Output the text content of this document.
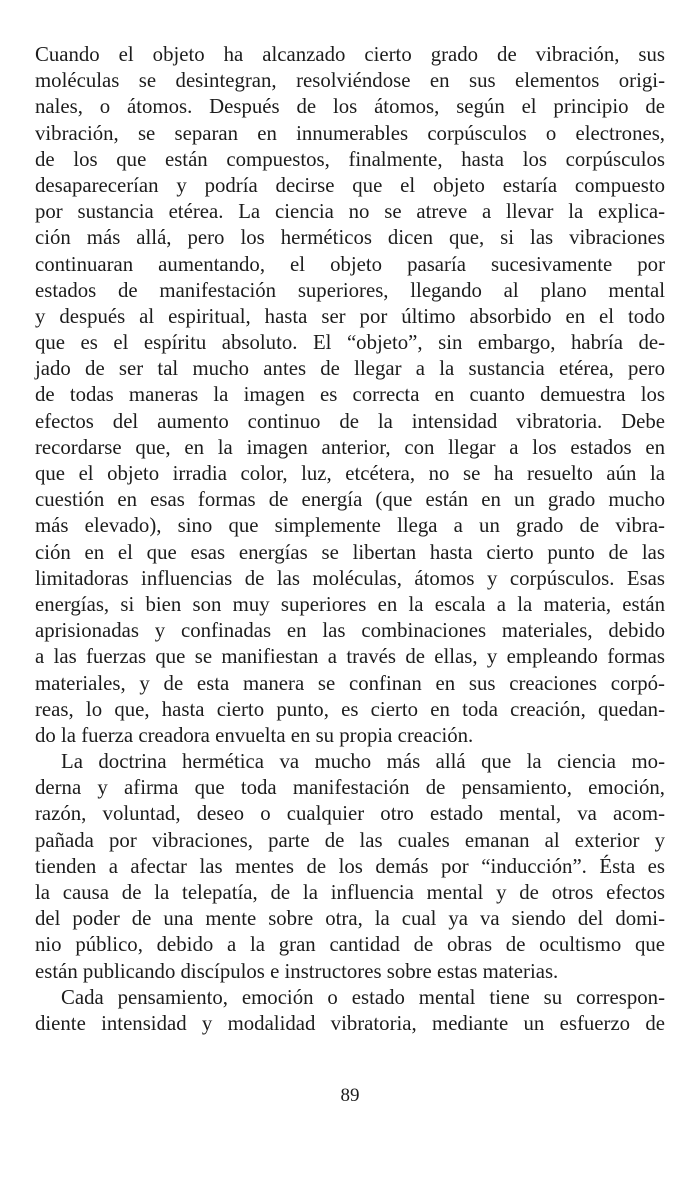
Cuando el objeto ha alcanzado cierto grado de vibración, sus
moléculas se desintegran, resolviéndose en sus elementos origi-
nales, o átomos. Después de los átomos, según el principio de
vibración, se separan en innumerables corpúsculos o electrones,
de los que están compuestos, finalmente, hasta los corpúsculos
desaparecerían y podría decirse que el objeto estaría compuesto
por sustancia etérea. La ciencia no se atreve a llevar la explica-
ción más allá, pero los herméticos dicen que, si las vibraciones
continuaran aumentando, el objeto pasaría sucesivamente por
estados de manifestación superiores, llegando al plano mental
y después al espiritual, hasta ser por último absorbido en el todo
que es el espíritu absoluto. El “objeto”, sin embargo, habría de-
jado de ser tal mucho antes de llegar a la sustancia etérea, pero
de todas maneras la imagen es correcta en cuanto demuestra los
efectos del aumento continuo de la intensidad vibratoria. Debe
recordarse que, en la imagen anterior, con llegar a los estados en
que el objeto irradia color, luz, etcétera, no se ha resuelto aún la
cuestión en esas formas de energía (que están en un grado mucho
más elevado), sino que simplemente llega a un grado de vibra-
ción en el que esas energías se libertan hasta cierto punto de las
limitadoras influencias de las moléculas, átomos y corpúsculos. Esas
energías, si bien son muy superiores en la escala a la materia, están
aprisionadas y confinadas en las combinaciones materiales, debido
a las fuerzas que se manifiestan a través de ellas, y empleando formas
materiales, y de esta manera se confinan en sus creaciones corpó-
reas, lo que, hasta cierto punto, es cierto en toda creación, quedan-
do la fuerza creadora envuelta en su propia creación.
La doctrina hermética va mucho más allá que la ciencia mo-
derna y afirma que toda manifestación de pensamiento, emoción,
razón, voluntad, deseo o cualquier otro estado mental, va acom-
pañada por vibraciones, parte de las cuales emanan al exterior y
tienden a afectar las mentes de los demás por “inducción”. Ésta es
la causa de la telepatía, de la influencia mental y de otros efectos
del poder de una mente sobre otra, la cual ya va siendo del domi-
nio público, debido a la gran cantidad de obras de ocultismo que
están publicando discípulos e instructores sobre estas materias.
Cada pensamiento, emoción o estado mental tiene su correspon-
diente intensidad y modalidad vibratoria, mediante un esfuerzo de
89
